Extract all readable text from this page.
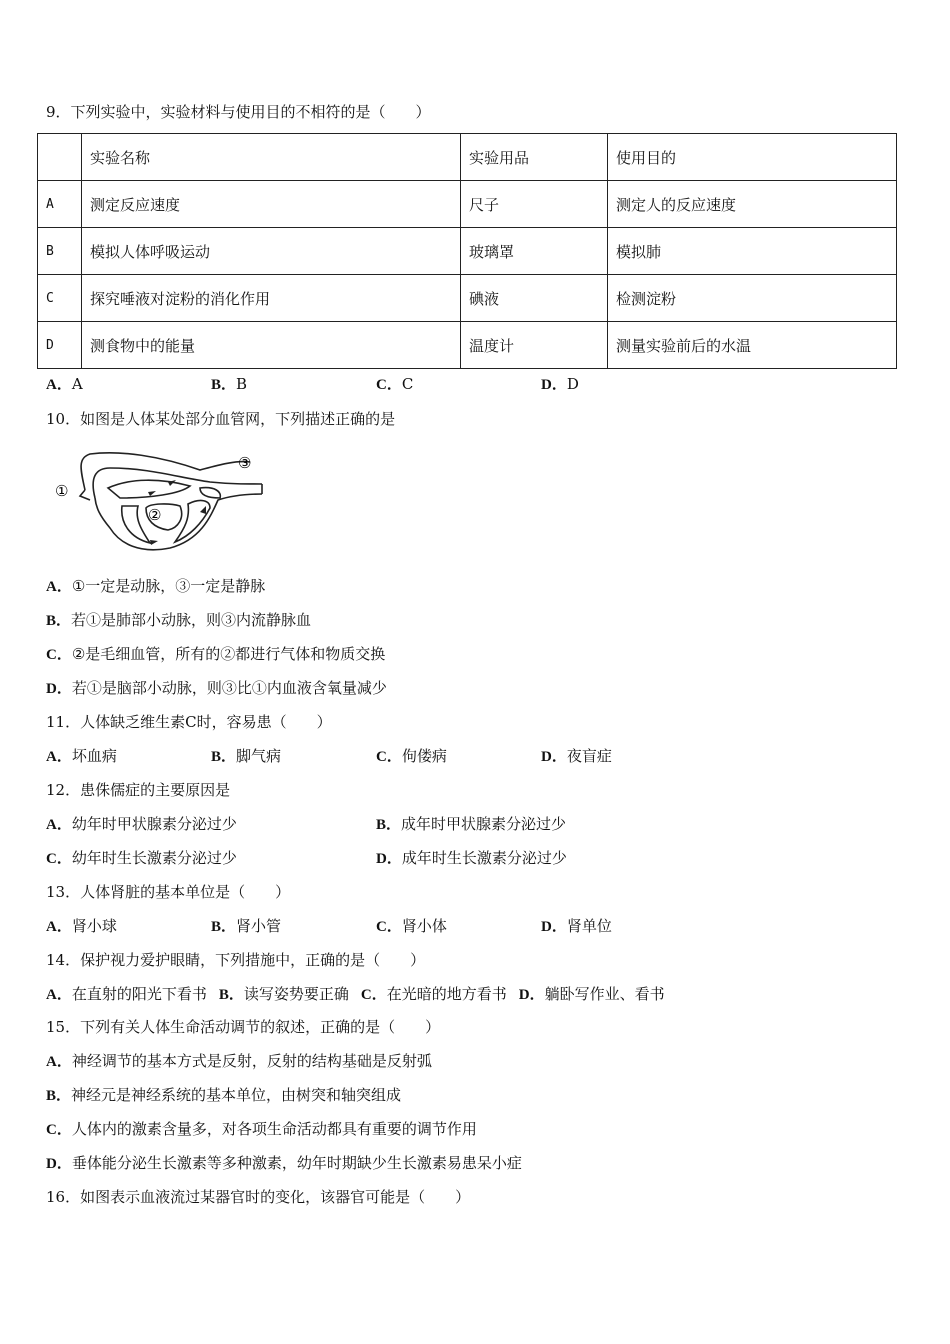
9．下列实验中，实验材料与使用目的不相符的是（　　）
	实验名称	实验用品	使用目的
A	测定反应速度	尺子	测定人的反应速度
B	模拟人体呼吸运动	玻璃罩	模拟肺
C	探究唾液对淀粉的消化作用	碘液	检测淀粉
D	测食物中的能量	温度计	测量实验前后的水温
A．A	B．B	C．C	D．D
10．如图是人体某处部分血管网，下列描述正确的是
①
②
③
A．①一定是动脉，③一定是静脉
B．若①是肺部小动脉，则③内流静脉血
C．②是毛细血管，所有的②都进行气体和物质交换
D．若①是脑部小动脉，则③比①内血液含氧量减少
11．人体缺乏维生素C时，容易患（　　）
A．坏血病	B．脚气病	C．佝偻病	D．夜盲症
12．患侏儒症的主要原因是
A．幼年时甲状腺素分泌过少	B．成年时甲状腺素分泌过少
C．幼年时生长激素分泌过少	D．成年时生长激素分泌过少
13．人体肾脏的基本单位是（　　）
A．肾小球	B．肾小管	C．肾小体	D．肾单位
14．保护视力爱护眼睛，下列措施中，正确的是（　　）
A．在直射的阳光下看书 B．读写姿势要正确 C．在光暗的地方看书 D．躺卧写作业、看书
15．下列有关人体生命活动调节的叙述，正确的是（　　）
A．神经调节的基本方式是反射，反射的结构基础是反射弧
B．神经元是神经系统的基本单位，由树突和轴突组成
C．人体内的激素含量多，对各项生命活动都具有重要的调节作用
D．垂体能分泌生长激素等多种激素，幼年时期缺少生长激素易患呆小症
16．如图表示血液流过某器官时的变化，该器官可能是（　　）
